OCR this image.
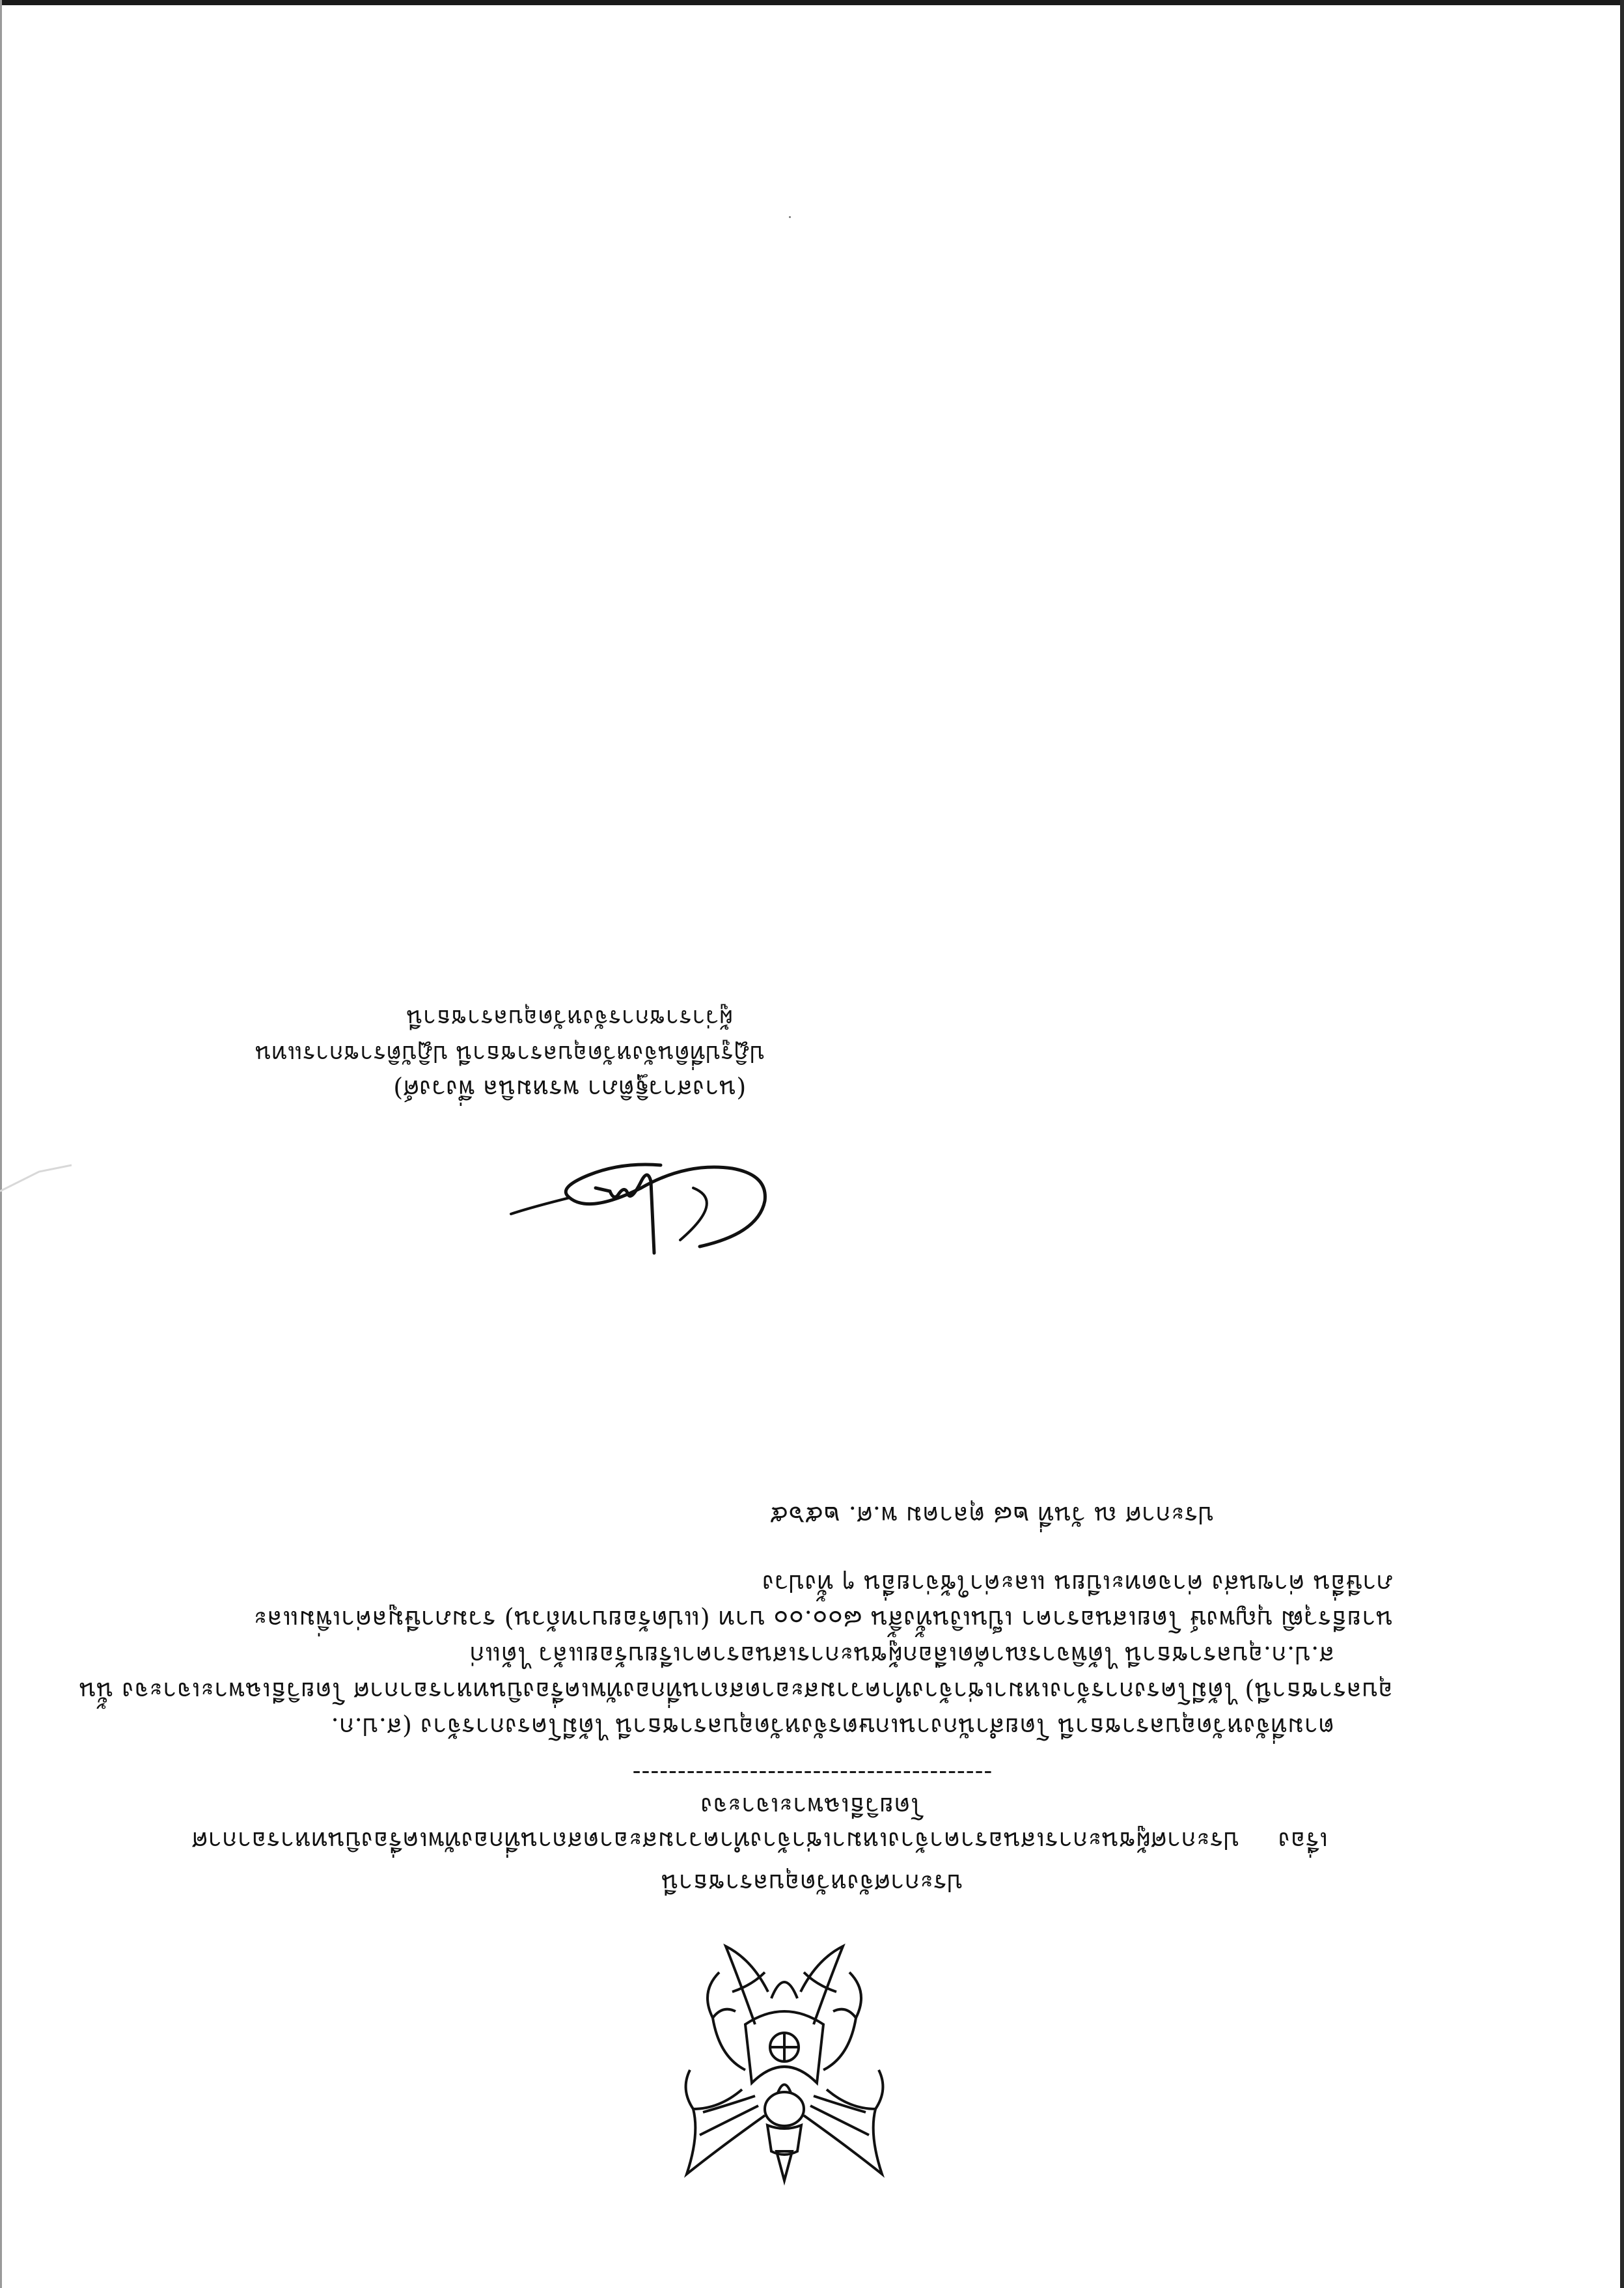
ประกาศจังหวัดอุบลราชธานี
เรื่อง  ประกาศผู้ชนะการเสนอราคาจ้างเหมาเช่าจ้างทำความสะอาดสถานที่กองทัพเครื่องบินทหารอากาศ
โดยวิธีเฉพาะเจาะจง
----------------------------------------
ตามที่จังหวัดอุบลราชธานี โดยสำนักงานเกษตรจังหวัดอุบลราชธานี ได้มีโครงการจ้าง (ส.ป.ก.
อุบลราชธานี) ได้มีโครงการจ้างเหมาเช่าจ้างทำความสะอาดสถานที่กองทัพเครื่องบินทหารอากาศ โดยวิธีเฉพาะเจาะจง นั้น
ส.ป.ก.อุบลราชธานี ได้พิจารณาคัดเลือกผู้ชนะการเสนอราคาเรียบร้อยแล้ว ได้แก่
นายธีรวุฒิ บุญพงษ์ โดยเสนอราคา เป็นเงินทั้งสิ้น ๘๐๐.๐๐ บาท (แปดร้อยบาทถ้วน) รวมภาษีมูลค่าเพิ่มและ
ภาษีอื่น ค่าขนส่ง ค่าจดทะเบียน และค่าใช้จ่ายอื่น ๆ ทั้งปวง
ประกาศ ณ วันที่ ๒๘ ตุลาคม พ.ศ. ๒๕๖๕
(นางสาวฐิติภา พรหมนิล พึ่งวงศ์)
ปฏิรูปที่ดินจังหวัดอุบลราชธานี ปฏิบัติราชการแทน
ผู้ว่าราชการจังหวัดอุบลราชธานี
